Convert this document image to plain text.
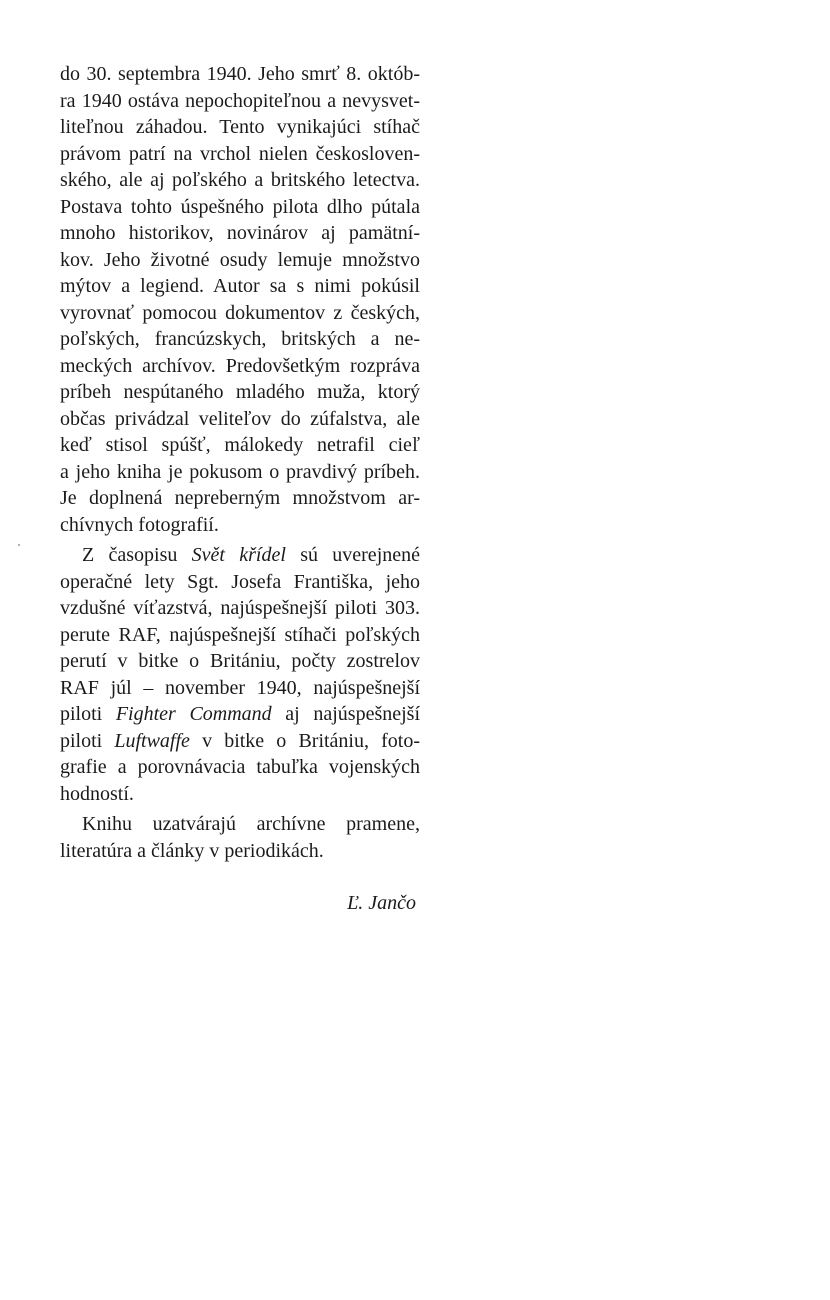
do 30. septembra 1940. Jeho smrť 8. októb-
ra 1940 ostáva nepochopiteľnou a nevysvet-
liteľnou záhadou. Tento vynikajúci stíhač
právom patrí na vrchol nielen českosloven-
ského, ale aj poľského a britského letectva.
Postava tohto úspešného pilota dlho pútala
mnoho historikov, novinárov aj pamätní-
kov. Jeho životné osudy lemuje množstvo
mýtov a legiend. Autor sa s nimi pokúsil
vyrovnať pomocou dokumentov z českých,
poľských, francúzskych, britských a ne-
meckých archívov. Predovšetkým rozpráva
príbeh nespútaného mladého muža, ktorý
občas privádzal veliteľov do zúfalstva, ale
keď stisol spúšť, málokedy netrafil cieľ
a jeho kniha je pokusom o pravdivý príbeh.
Je doplnená nepreberným množstvom ar-
chívnych fotografií.
Z časopisu Svět křídel sú uverejnené
operačné lety Sgt. Josefa Františka, jeho
vzdušné víťazstvá, najúspešnejší piloti 303.
perute RAF, najúspešnejší stíhači poľských
perutí v bitke o Britániu, počty zostrelov
RAF júl – november 1940, najúspešnejší
piloti Fighter Command aj najúspešnejší
piloti Luftwaffe v bitke o Britániu, foto-
grafie a porovnávacia tabuľka vojenských
hodností.
Knihu uzatvárajú archívne pramene,
literatúra a články v periodikách.
Ľ. Jančo
